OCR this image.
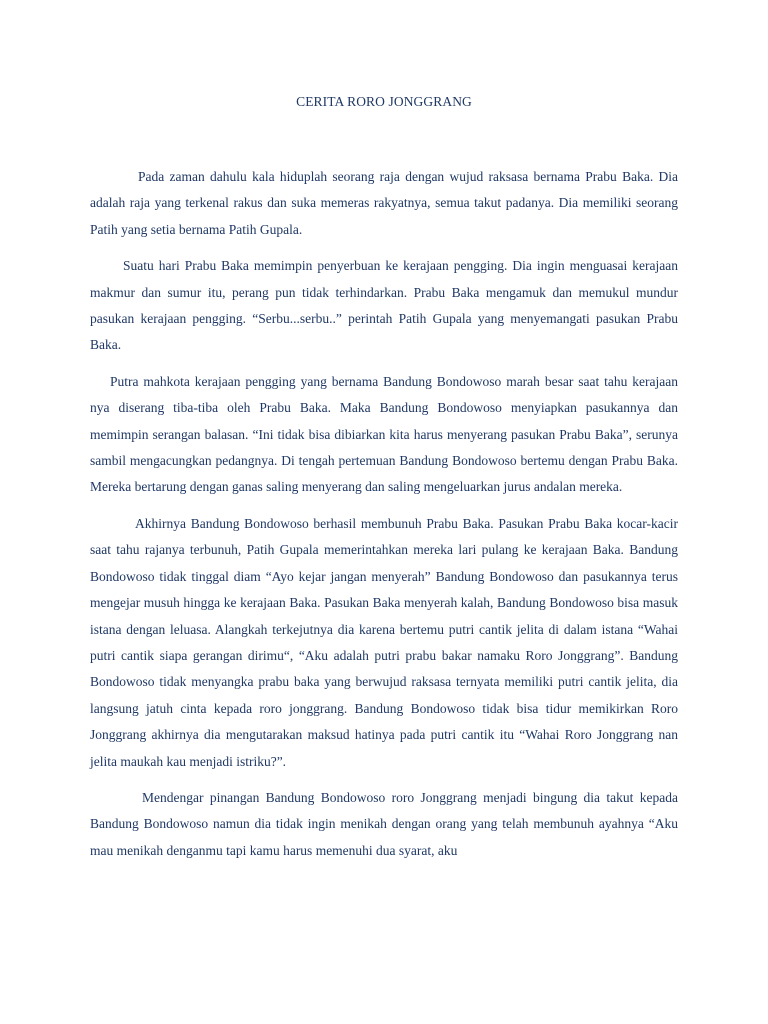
CERITA RORO JONGGRANG

Pada zaman dahulu kala hiduplah seorang raja dengan wujud raksasa bernama Prabu Baka. Dia adalah raja yang terkenal rakus dan suka memeras rakyatnya, semua takut padanya. Dia memiliki seorang Patih yang setia bernama Patih Gupala.

Suatu hari Prabu Baka memimpin penyerbuan ke kerajaan pengging. Dia ingin menguasai kerajaan makmur dan sumur itu, perang pun tidak terhindarkan. Prabu Baka mengamuk dan memukul mundur pasukan kerajaan pengging. “Serbu...serbu..” perintah Patih Gupala yang menyemangati pasukan Prabu Baka.

Putra mahkota kerajaan pengging yang bernama Bandung Bondowoso marah besar saat tahu kerajaan nya diserang tiba-tiba oleh Prabu Baka. Maka Bandung Bondowoso menyiapkan pasukannya dan memimpin serangan balasan. “Ini tidak bisa dibiarkan kita harus menyerang pasukan Prabu Baka”, serunya sambil mengacungkan pedangnya. Di tengah pertemuan Bandung Bondowoso bertemu dengan Prabu Baka. Mereka bertarung dengan ganas saling menyerang dan saling mengeluarkan jurus andalan mereka.

Akhirnya Bandung Bondowoso berhasil membunuh Prabu Baka. Pasukan Prabu Baka kocar-kacir saat tahu rajanya terbunuh, Patih Gupala memerintahkan mereka lari pulang ke kerajaan Baka. Bandung Bondowoso tidak tinggal diam “Ayo kejar jangan menyerah” Bandung Bondowoso dan pasukannya terus mengejar musuh hingga ke kerajaan Baka. Pasukan Baka menyerah kalah, Bandung Bondowoso bisa masuk istana dengan leluasa. Alangkah terkejutnya dia karena bertemu putri cantik jelita di dalam istana “Wahai putri cantik siapa gerangan dirimu“, “Aku adalah putri prabu bakar namaku Roro Jonggrang”. Bandung Bondowoso tidak menyangka prabu baka yang berwujud raksasa ternyata memiliki putri cantik jelita, dia langsung jatuh cinta kepada roro jonggrang. Bandung Bondowoso tidak bisa tidur memikirkan Roro Jonggrang akhirnya dia mengutarakan maksud hatinya pada putri cantik itu “Wahai Roro Jonggrang nan jelita maukah kau menjadi istriku?”.

Mendengar pinangan Bandung Bondowoso roro Jonggrang menjadi bingung dia takut kepada Bandung Bondowoso namun dia tidak ingin menikah dengan orang yang telah membunuh ayahnya “Aku mau menikah denganmu tapi kamu harus memenuhi dua syarat, aku
